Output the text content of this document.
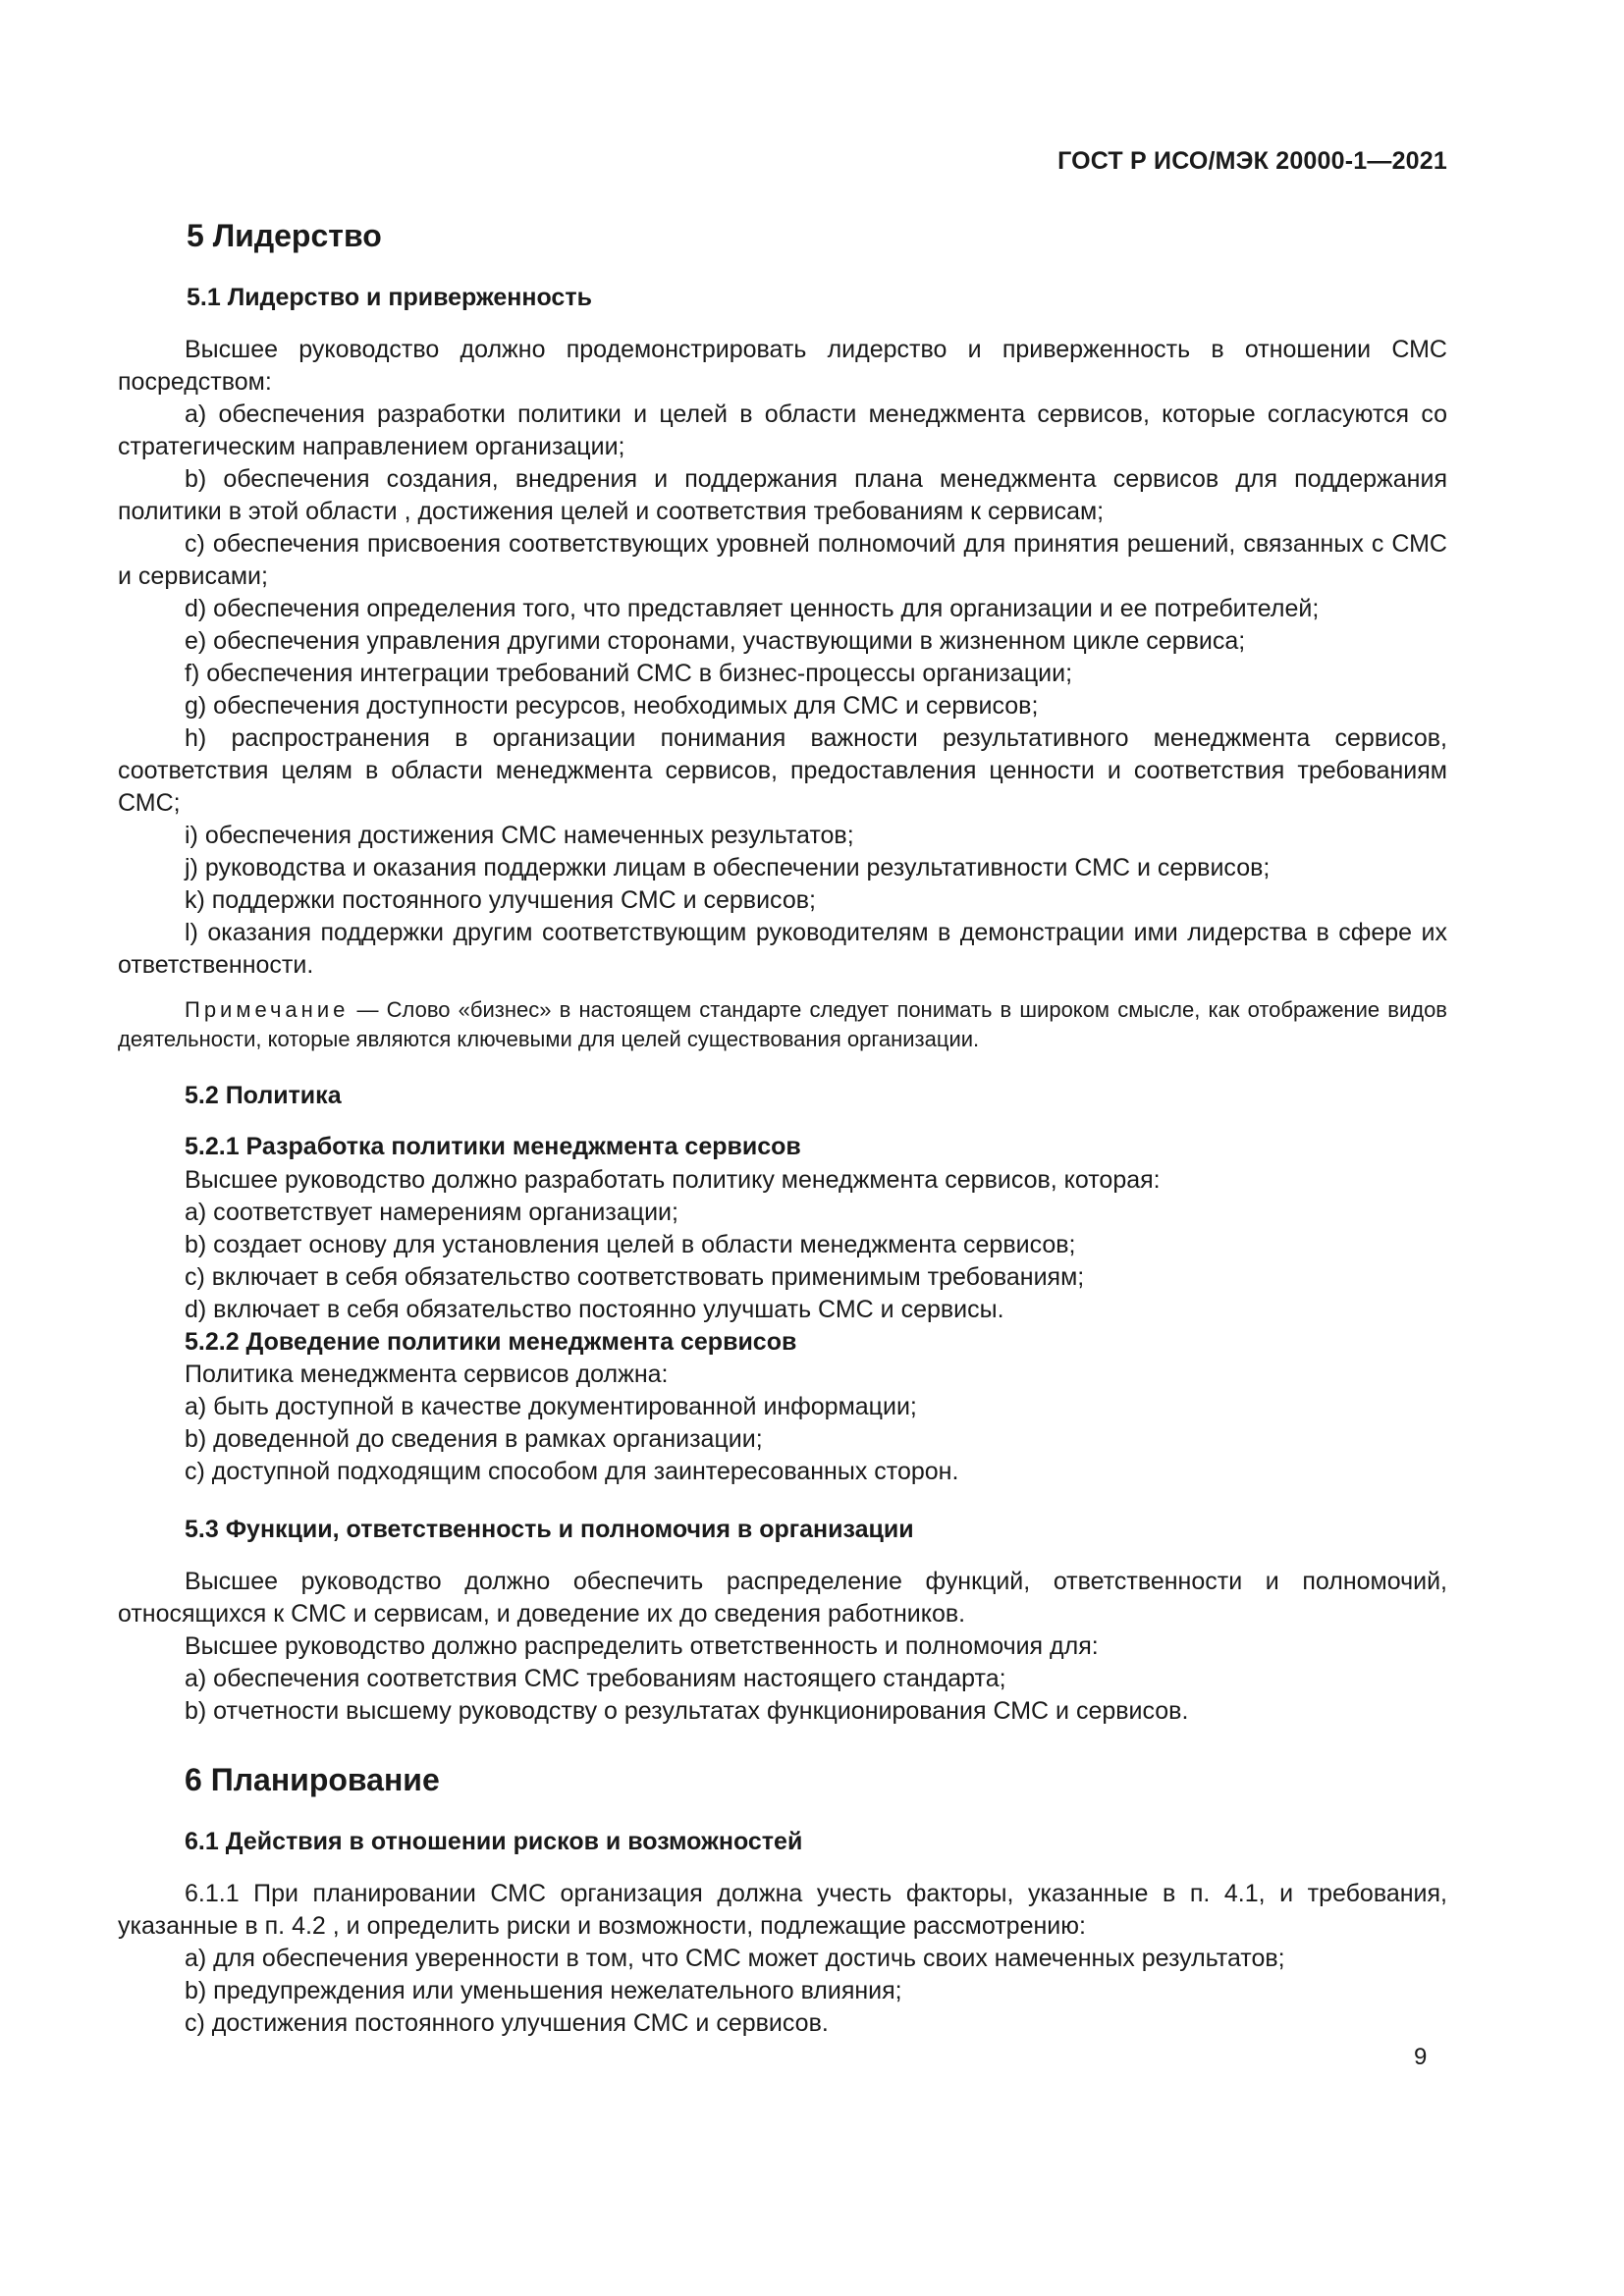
ГОСТ Р ИСО/МЭК 20000-1—2021
5 Лидерство
5.1 Лидерство и приверженность

Высшее руководство должно продемонстрировать лидерство и приверженность в отношении СМС посредством:

a) обеспечения разработки политики и целей в области менеджмента сервисов, которые согласуются со стратегическим направлением организации;

b) обеспечения создания, внедрения и поддержания плана менеджмента сервисов для поддержания политики в этой области , достижения целей и соответствия требованиям к сервисам;

c) обеспечения присвоения соответствующих уровней полномочий для принятия решений, связанных с СМС и сервисами;

d) обеспечения определения того, что представляет ценность для организации и ее потребителей;

e) обеспечения управления другими сторонами, участвующими в жизненном цикле сервиса;

f) обеспечения интеграции требований СМС в бизнес-процессы организации;

g) обеспечения доступности ресурсов, необходимых для СМС и сервисов;

h) распространения в организации понимания важности результативного менеджмента сервисов, соответствия целям в области менеджмента сервисов, предоставления ценности и соответствия требованиям СМС;

i) обеспечения достижения СМС намеченных результатов;

j) руководства и оказания поддержки лицам в обеспечении результативности СМС и сервисов;

k) поддержки постоянного улучшения СМС и сервисов;

l) оказания поддержки другим соответствующим руководителям в демонстрации ими лидерства в сфере их ответственности.

Примечание — Слово «бизнес» в настоящем стандарте следует понимать в широком смысле, как отображение видов деятельности, которые являются ключевыми для целей существования организации.
5.2 Политика
5.2.1 Разработка политики менеджмента сервисов

Высшее руководство должно разработать политику менеджмента сервисов, которая:

a) соответствует намерениям организации;

b) создает основу для установления целей в области менеджмента сервисов;

c) включает в себя обязательство соответствовать применимым требованиям;

d) включает в себя обязательство постоянно улучшать СМС и сервисы.

5.2.2 Доведение политики менеджмента сервисов

Политика менеджмента сервисов должна:

a) быть доступной в качестве документированной информации;

b) доведенной до сведения в рамках организации;

c) доступной подходящим способом для заинтересованных сторон.

5.3 Функции, ответственность и полномочия в организации

Высшее руководство должно обеспечить распределение функций, ответственности и полномочий, относящихся к СМС и сервисам, и доведение их до сведения работников.

Высшее руководство должно распределить ответственность и полномочия для:

a) обеспечения соответствия СМС требованиям настоящего стандарта;

b) отчетности высшему руководству о результатах функционирования СМС и сервисов.

6 Планирование
6.1 Действия в отношении рисков и возможностей

6.1.1 При планировании СМС организация должна учесть факторы, указанные в п. 4.1, и требования, указанные в п. 4.2 , и определить риски и возможности, подлежащие рассмотрению:

a) для обеспечения уверенности в том, что СМС может достичь своих намеченных результатов;

b) предупреждения или уменьшения нежелательного влияния;

c) достижения постоянного улучшения СМС и сервисов.

9
